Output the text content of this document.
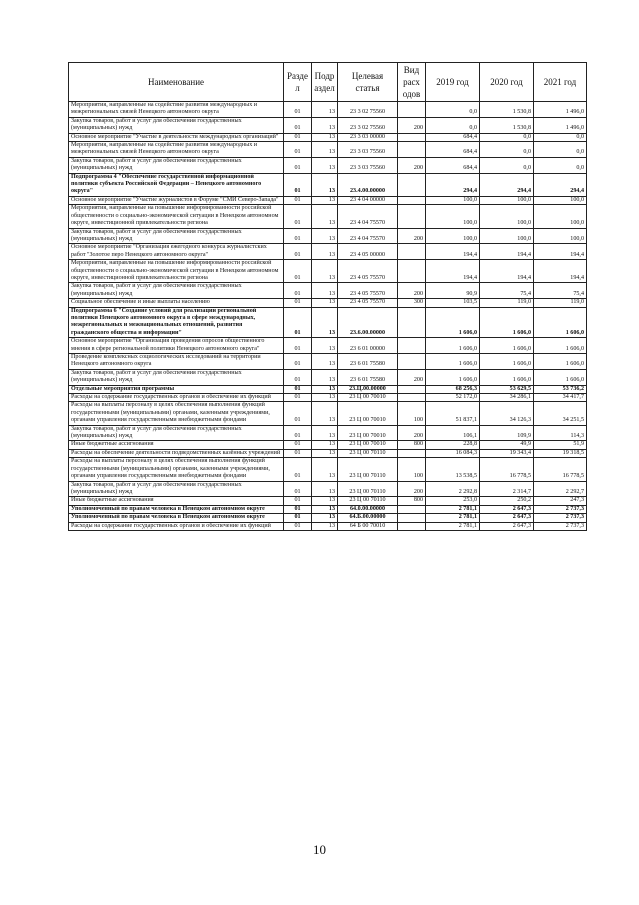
Наименование	Разде л	Подр аздел	Целевая статья	Вид расх одов	2019 год	2020 год	2021 год
Мероприятия, направленные на содействие развития международных и межрегиональных связей Ненецкого автономного округа	01	13	23 3 02 75560		0,0	1 530,8	1 496,0
Закупка товаров, работ и услуг для обеспечения государственных (муниципальных) нужд	01	13	23 3 02 75560	200	0,0	1 530,8	1 496,0
Основное мероприятие "Участие в деятельности международных организаций"	01	13	23 3 03 00000		684,4	0,0	0,0
Мероприятия, направленные на содействие развития международных и межрегиональных связей Ненецкого автономного округа	01	13	23 3 03 75560		684,4	0,0	0,0
Закупка товаров, работ и услуг для обеспечения государственных (муниципальных) нужд	01	13	23 3 03 75560	200	684,4	0,0	0,0
Подпрограмма 4 "Обеспечение государственной информационной политики субъекта Российской Федерации – Ненецкого автономного округа"	01	13	23.4.00.00000		294,4	294,4	294,4
Основное мероприятие "Участие журналистов в Форуме "СМИ Северо-Запада"	01	13	23 4 04 00000		100,0	100,0	100,0
Мероприятия, направленные на повышение информированности российской общественности о социально-экономической ситуации в Ненецком автономном округе, инвестиционной привлекательности региона	01	13	23 4 04 75570		100,0	100,0	100,0
Закупка товаров, работ и услуг для обеспечения государственных (муниципальных) нужд	01	13	23 4 04 75570	200	100,0	100,0	100,0
Основное мероприятие "Организация ежегодного конкурса журналистских работ "Золотое перо Ненецкого автономного округа"	01	13	23 4 05 00000		194,4	194,4	194,4
Мероприятия, направленные на повышение информированности российской общественности о социально-экономической ситуации в Ненецком автономном округе, инвестиционной привлекательности региона	01	13	23 4 05 75570		194,4	194,4	194,4
Закупка товаров, работ и услуг для обеспечения государственных (муниципальных) нужд	01	13	23 4 05 75570	200	90,9	75,4	75,4
Социальное обеспечение и иные выплаты населению	01	13	23 4 05 75570	300	103,5	119,0	119,0
Подпрограмма 6 "Создание условий для реализации региональной политики Ненецкого автономного округа в сфере международных, межрегиональных и межнациональных отношений, развития гражданского общества и информации"	01	13	23.6.00.00000		1 606,0	1 606,0	1 606,0
Основное мероприятие "Организация проведения опросов общественного мнения в сфере региональной политики Ненецкого автономного округа"	01	13	23 6 01 00000		1 606,0	1 606,0	1 606,0
Проведение комплексных социологических исследований на территории Ненецкого автономного округа	01	13	23 6 01 75580		1 606,0	1 606,0	1 606,0
Закупка товаров, работ и услуг для обеспечения государственных (муниципальных) нужд	01	13	23 6 01 75580	200	1 606,0	1 606,0	1 606,0
Отдельные мероприятия программы	01	13	23.Ц.00.00000		68 256,3	53 629,5	53 736,2
Расходы на содержание государственных органов и обеспечение их функций	01	13	23 Ц 00 70010		52 172,0	34 286,1	34 417,7
Расходы на выплаты персоналу в целях обеспечения выполнения функций государственными (муниципальными) органами, казенными учреждениями, органами управления государственными внебюджетными фондами	01	13	23 Ц 00 70010	100	51 837,1	34 126,3	34 251,5
Закупка товаров, работ и услуг для обеспечения государственных (муниципальных) нужд	01	13	23 Ц 00 70010	200	106,1	109,9	114,3
Иные бюджетные ассигнования	01	13	23 Ц 00 70010	800	228,8	49,9	51,9
Расходы на обеспечение деятельности подведомственных казённых учреждений	01	13	23 Ц 00 70110		16 084,3	19 343,4	19 318,5
Расходы на выплаты персоналу в целях обеспечения выполнения функций государственными (муниципальными) органами, казенными учреждениями, органами управления государственными внебюджетными фондами	01	13	23 Ц 00 70110	100	13 538,5	16 778,5	16 778,5
Закупка товаров, работ и услуг для обеспечения государственных (муниципальных) нужд	01	13	23 Ц 00 70110	200	2 292,8	2 314,7	2 292,7
Иные бюджетные ассигнования	01	13	23 Ц 00 70110	800	253,0	250,2	247,3
Уполномоченный по правам человека в Ненецком автономном округе	01	13	64.0.00.00000		2 781,1	2 647,3	2 737,3
Уполномоченный по правам человека в Ненецком автономном округе	01	13	64.Б.00.00000		2 781,1	2 647,3	2 737,3
Расходы на содержание государственных органов и обеспечение их функций	01	13	64 Б 00 70010		2 781,1	2 647,3	2 737,3
10
